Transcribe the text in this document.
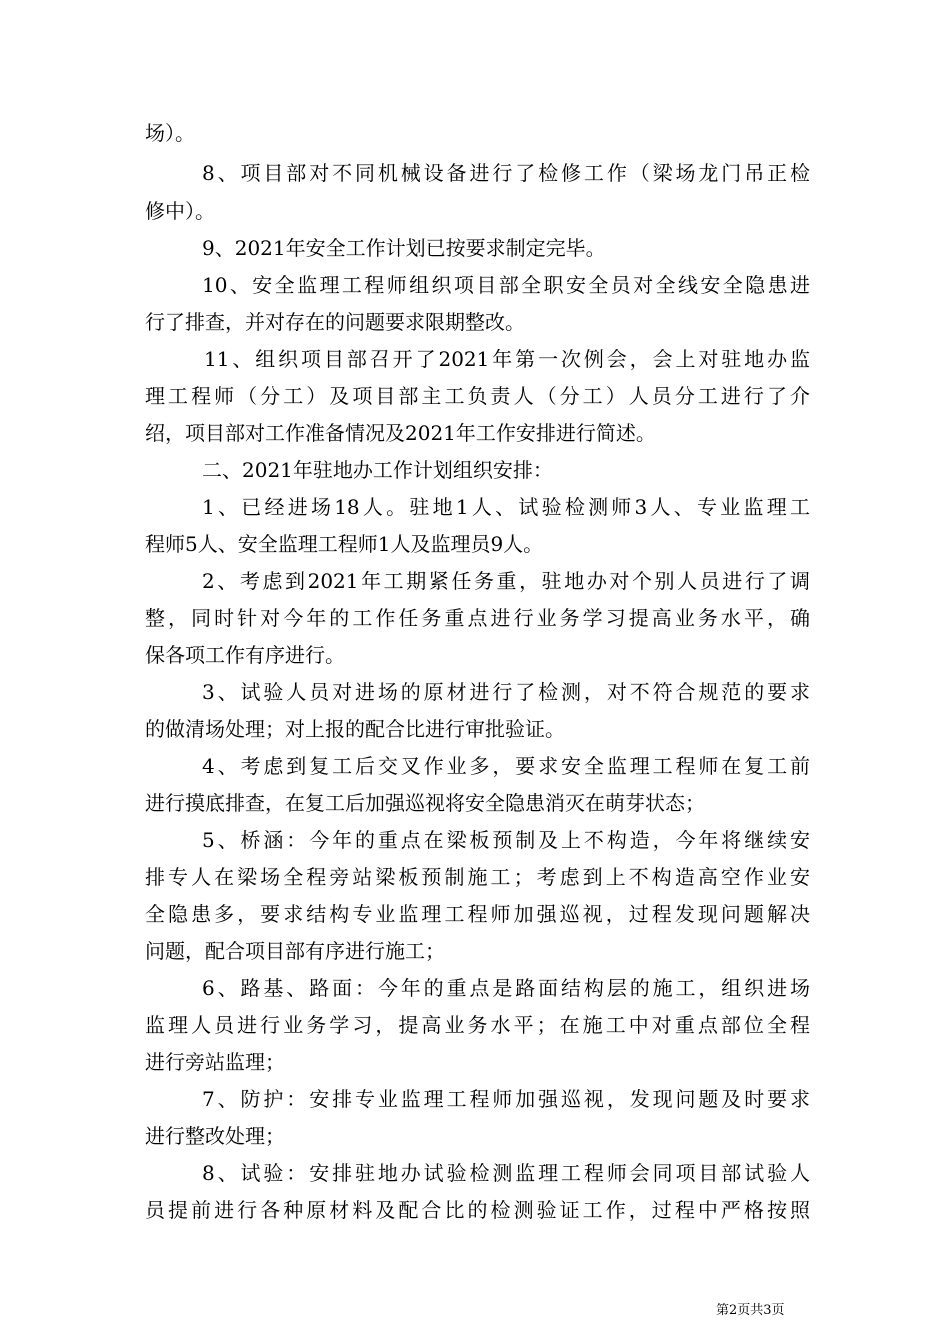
场）。
8、项目部对不同机械设备进行了检修工作（梁场龙门吊正检
修中）。
9、2021年安全工作计划已按要求制定完毕。
10、安全监理工程师组织项目部全职安全员对全线安全隐患进
行了排查，并对存在的问题要求限期整改。
11、组织项目部召开了2021年第一次例会，会上对驻地办监
理工程师（分工）及项目部主工负责人（分工）人员分工进行了介
绍，项目部对工作准备情况及2021年工作安排进行简述。
二、2021年驻地办工作计划组织安排：
1、已经进场18人。驻地1人、试验检测师3人、专业监理工
程师5人、安全监理工程师1人及监理员9人。
2、考虑到2021年工期紧任务重，驻地办对个别人员进行了调
整，同时针对今年的工作任务重点进行业务学习提高业务水平，确
保各项工作有序进行。
3、试验人员对进场的原材进行了检测，对不符合规范的要求
的做清场处理；对上报的配合比进行审批验证。
4、考虑到复工后交叉作业多，要求安全监理工程师在复工前
进行摸底排查，在复工后加强巡视将安全隐患消灭在萌芽状态；
5、桥涵：今年的重点在梁板预制及上不构造，今年将继续安
排专人在梁场全程旁站梁板预制施工；考虑到上不构造高空作业安
全隐患多，要求结构专业监理工程师加强巡视，过程发现问题解决
问题，配合项目部有序进行施工；
6、路基、路面：今年的重点是路面结构层的施工，组织进场
监理人员进行业务学习，提高业务水平；在施工中对重点部位全程
进行旁站监理；
7、防护：安排专业监理工程师加强巡视，发现问题及时要求
进行整改处理；
8、试验：安排驻地办试验检测监理工程师会同项目部试验人
员提前进行各种原材料及配合比的检测验证工作，过程中严格按照
第2页共3页
